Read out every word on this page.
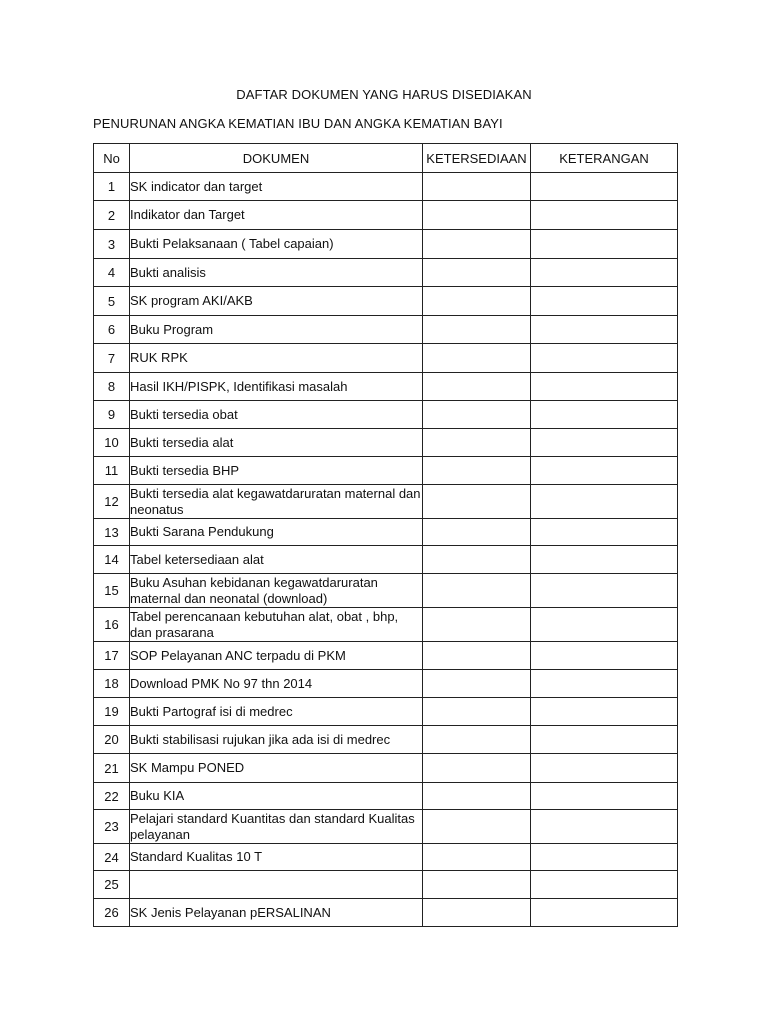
DAFTAR DOKUMEN YANG HARUS DISEDIAKAN
PENURUNAN ANGKA KEMATIAN IBU DAN ANGKA KEMATIAN BAYI
No	DOKUMEN	KETERSEDIAAN	KETERANGAN
1	SK indicator dan target		
2	Indikator dan Target		
3	Bukti Pelaksanaan ( Tabel capaian)		
4	Bukti analisis		
5	SK program AKI/AKB		
6	Buku Program		
7	RUK RPK		
8	Hasil IKH/PISPK, Identifikasi masalah		
9	Bukti tersedia obat		
10	Bukti tersedia alat		
11	Bukti tersedia BHP		
12	Bukti tersedia alat kegawatdaruratan maternal dan neonatus		
13	Bukti Sarana Pendukung		
14	Tabel ketersediaan alat		
15	Buku Asuhan kebidanan kegawatdaruratan maternal dan neonatal (download)		
16	Tabel perencanaan kebutuhan alat, obat , bhp, dan prasarana		
17	SOP Pelayanan ANC terpadu di PKM		
18	Download PMK No 97 thn 2014		
19	Bukti Partograf isi di medrec		
20	Bukti stabilisasi rujukan jika ada isi di medrec		
21	SK Mampu PONED		
22	Buku KIA		
23	Pelajari standard Kuantitas dan standard Kualitas pelayanan		
24	Standard Kualitas 10 T		
25			
26	SK Jenis Pelayanan pERSALINAN		
